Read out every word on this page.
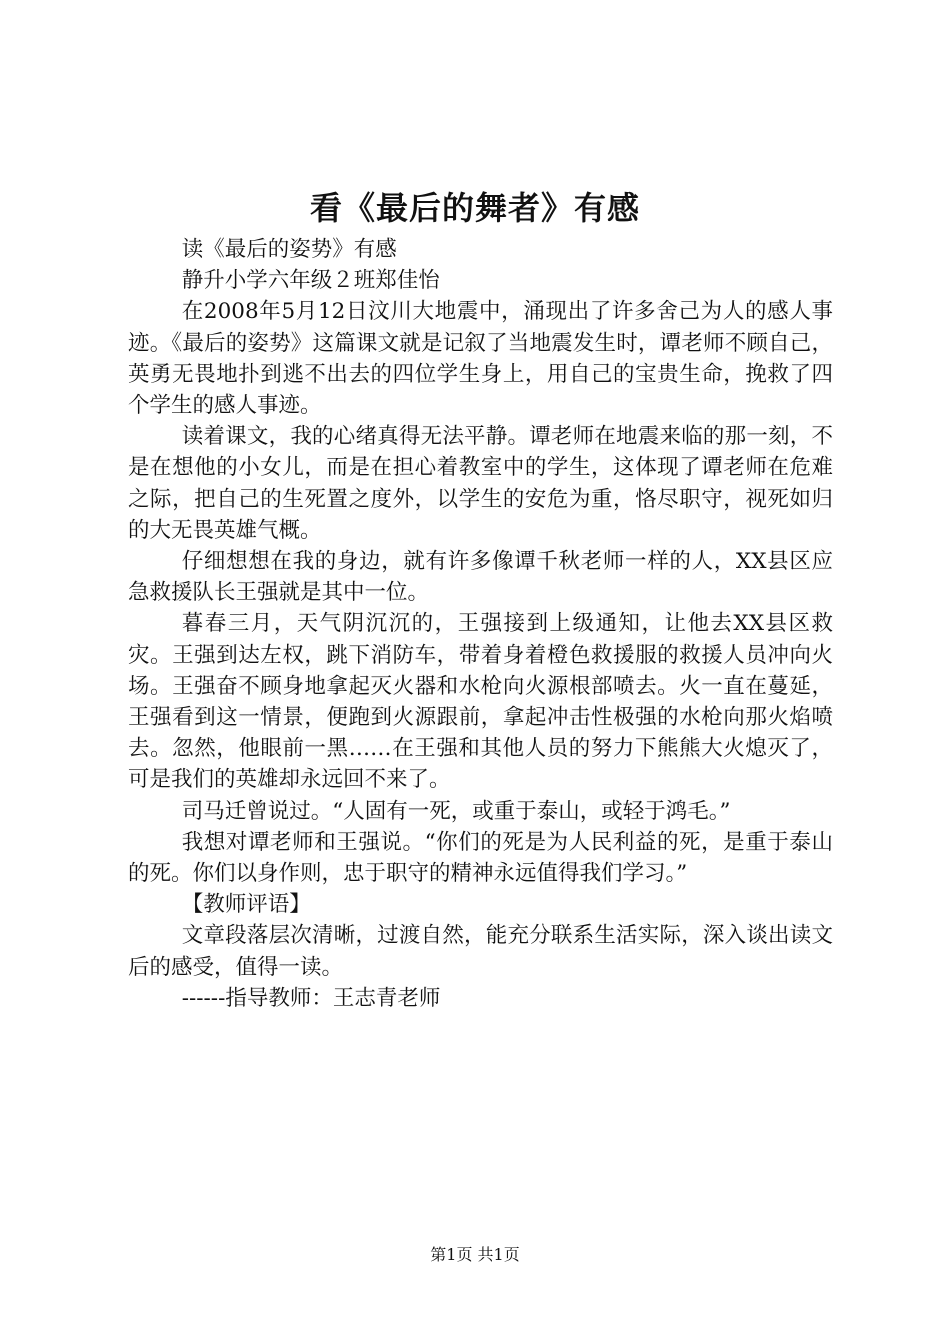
看《最后的舞者》有感

读《最后的姿势》有感

静升小学六年级２班郑佳怡

在2008年5月12日汶川大地震中，涌现出了许多舍己为人的感人事迹。《最后的姿势》这篇课文就是记叙了当地震发生时，谭老师不顾自己，英勇无畏地扑到逃不出去的四位学生身上，用自己的宝贵生命，挽救了四个学生的感人事迹。

读着课文，我的心绪真得无法平静。谭老师在地震来临的那一刻，不是在想他的小女儿，而是在担心着教室中的学生，这体现了谭老师在危难之际，把自己的生死置之度外，以学生的安危为重，恪尽职守，视死如归的大无畏英雄气概。

仔细想想在我的身边，就有许多像谭千秋老师一样的人，XX县区应急救援队长王强就是其中一位。

暮春三月，天气阴沉沉的，王强接到上级通知，让他去XX县区救灾。王强到达左权，跳下消防车，带着身着橙色救援服的救援人员冲向火场。王强奋不顾身地拿起灭火器和水枪向火源根部喷去。火一直在蔓延，王强看到这一情景，便跑到火源跟前，拿起冲击性极强的水枪向那火焰喷去。忽然，他眼前一黑……在王强和其他人员的努力下熊熊大火熄灭了，可是我们的英雄却永远回不来了。

司马迁曾说过。“人固有一死，或重于泰山，或轻于鸿毛。”

我想对谭老师和王强说。“你们的死是为人民利益的死，是重于泰山的死。你们以身作则，忠于职守的精神永远值得我们学习。”

【教师评语】

文章段落层次清晰，过渡自然，能充分联系生活实际，深入谈出读文后的感受，值得一读。

------指导教师：王志青老师

第1页 共1页
